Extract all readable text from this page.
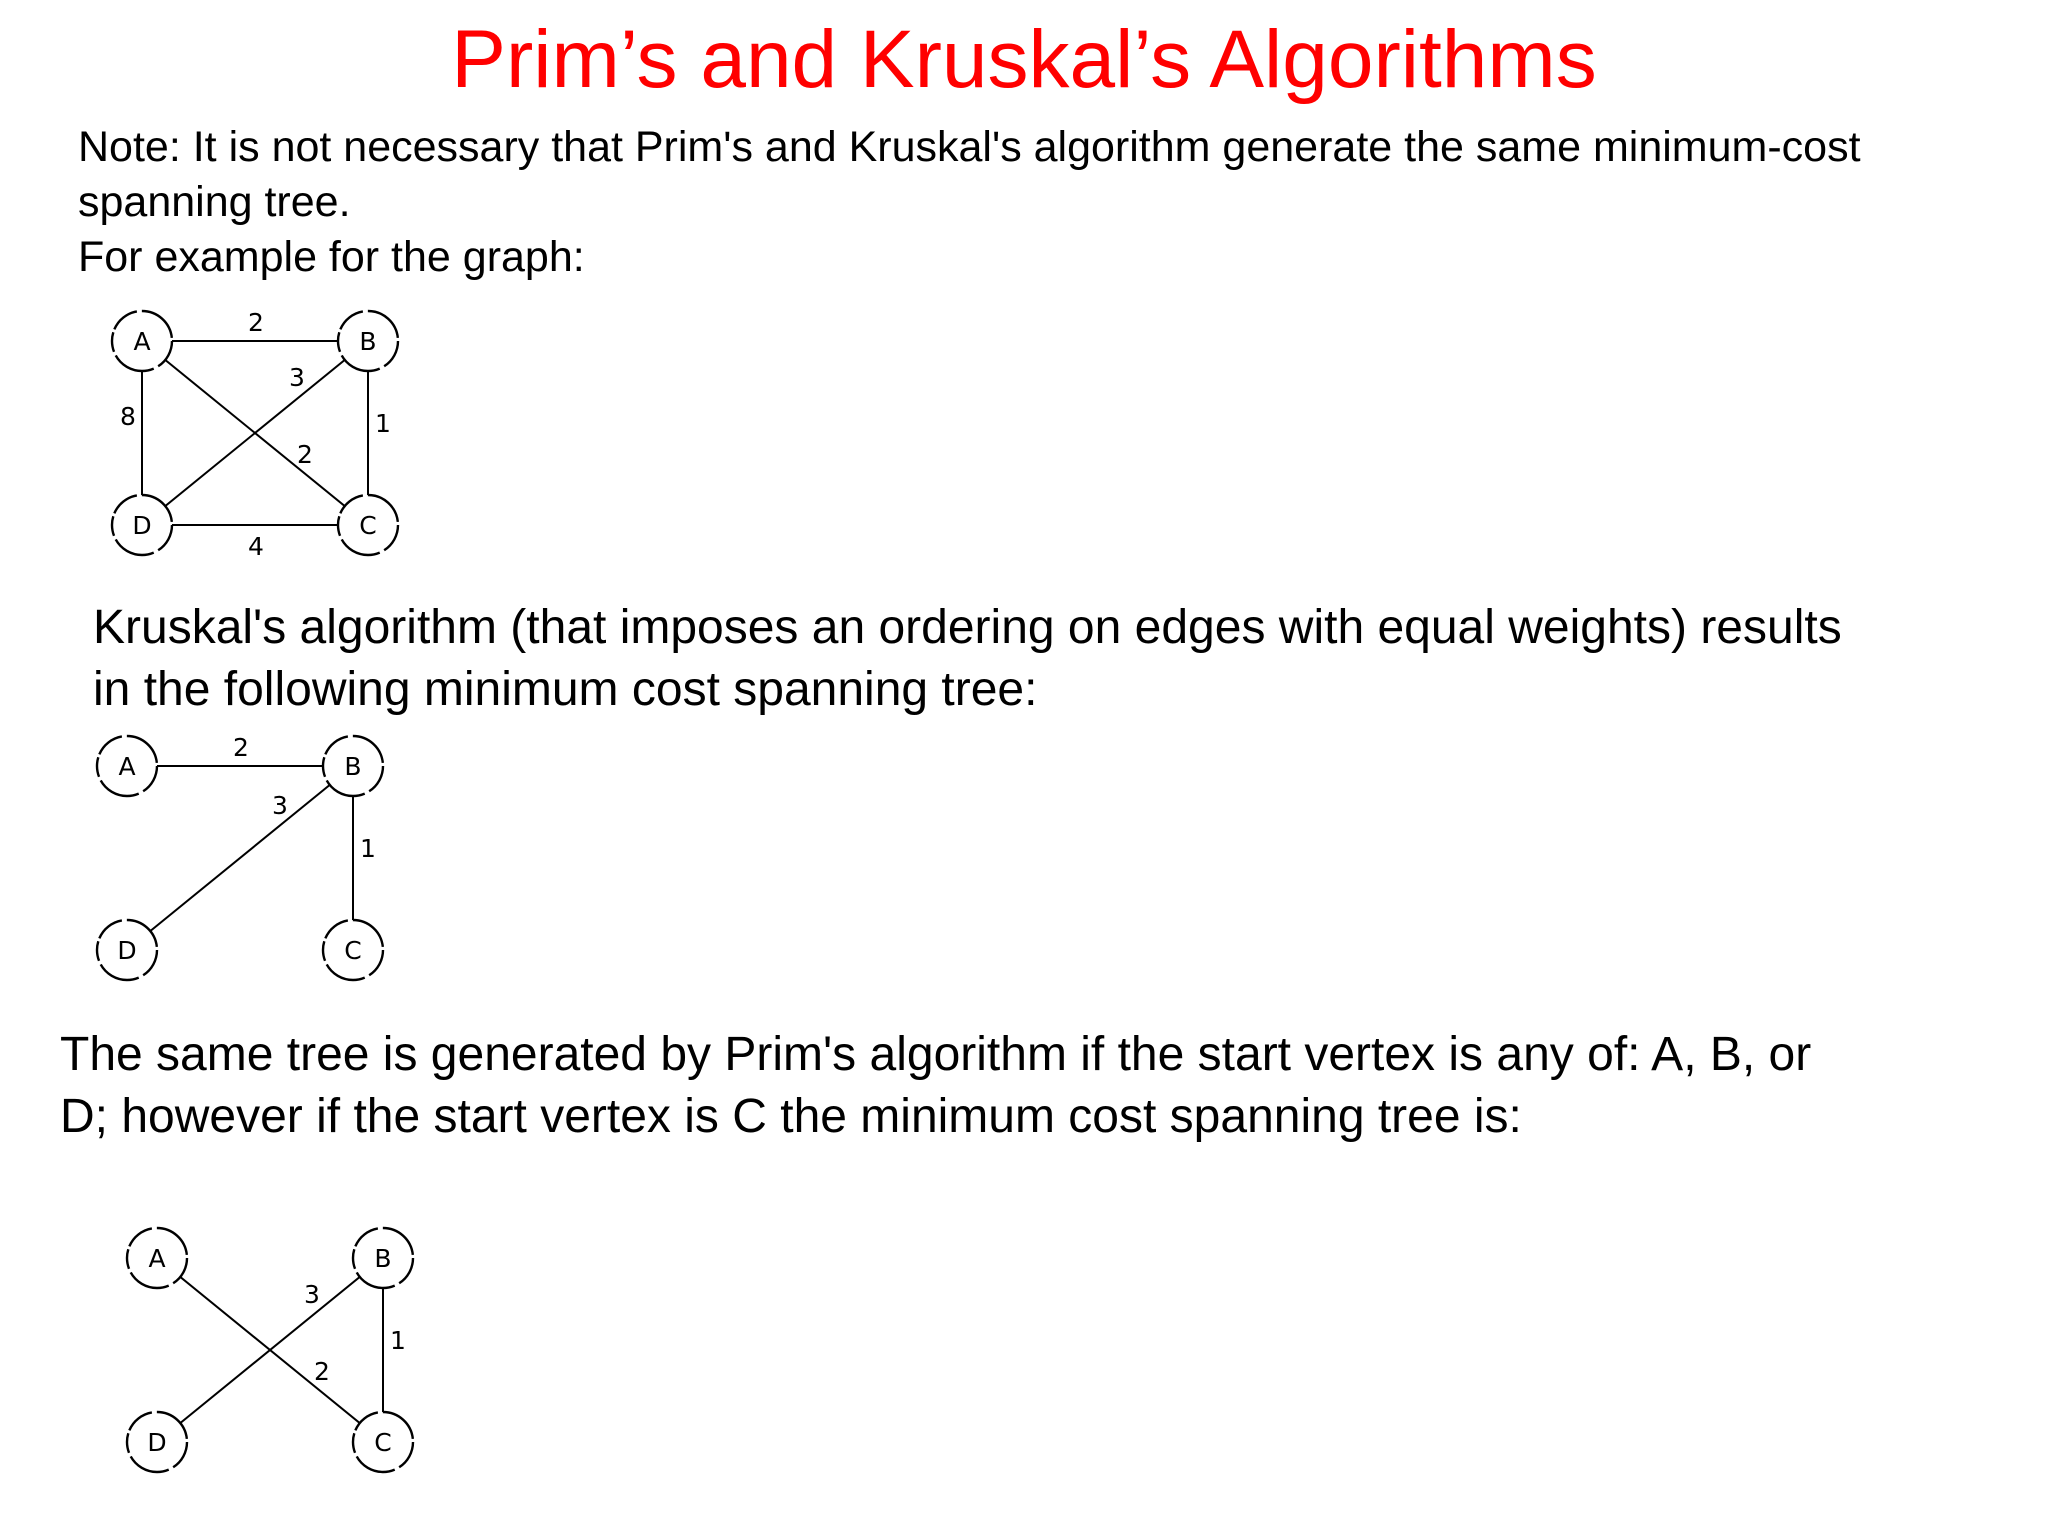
Prim’s and Kruskal’s Algorithms

Note: It is not necessary that Prim's and Kruskal's algorithm generate the same minimum-cost
spanning tree.
For example for the graph:

2
3
2
1
8
4
A	B
D	C

Kruskal's algorithm (that imposes an ordering on edges with equal weights) results
in the following minimum cost spanning tree:

2
3
1
A	B
D	C

The same tree is generated by Prim's algorithm if the start vertex is any of: A, B, or
D; however if the start vertex is C the minimum cost spanning tree is:

3
2
1
A	B
D	C
